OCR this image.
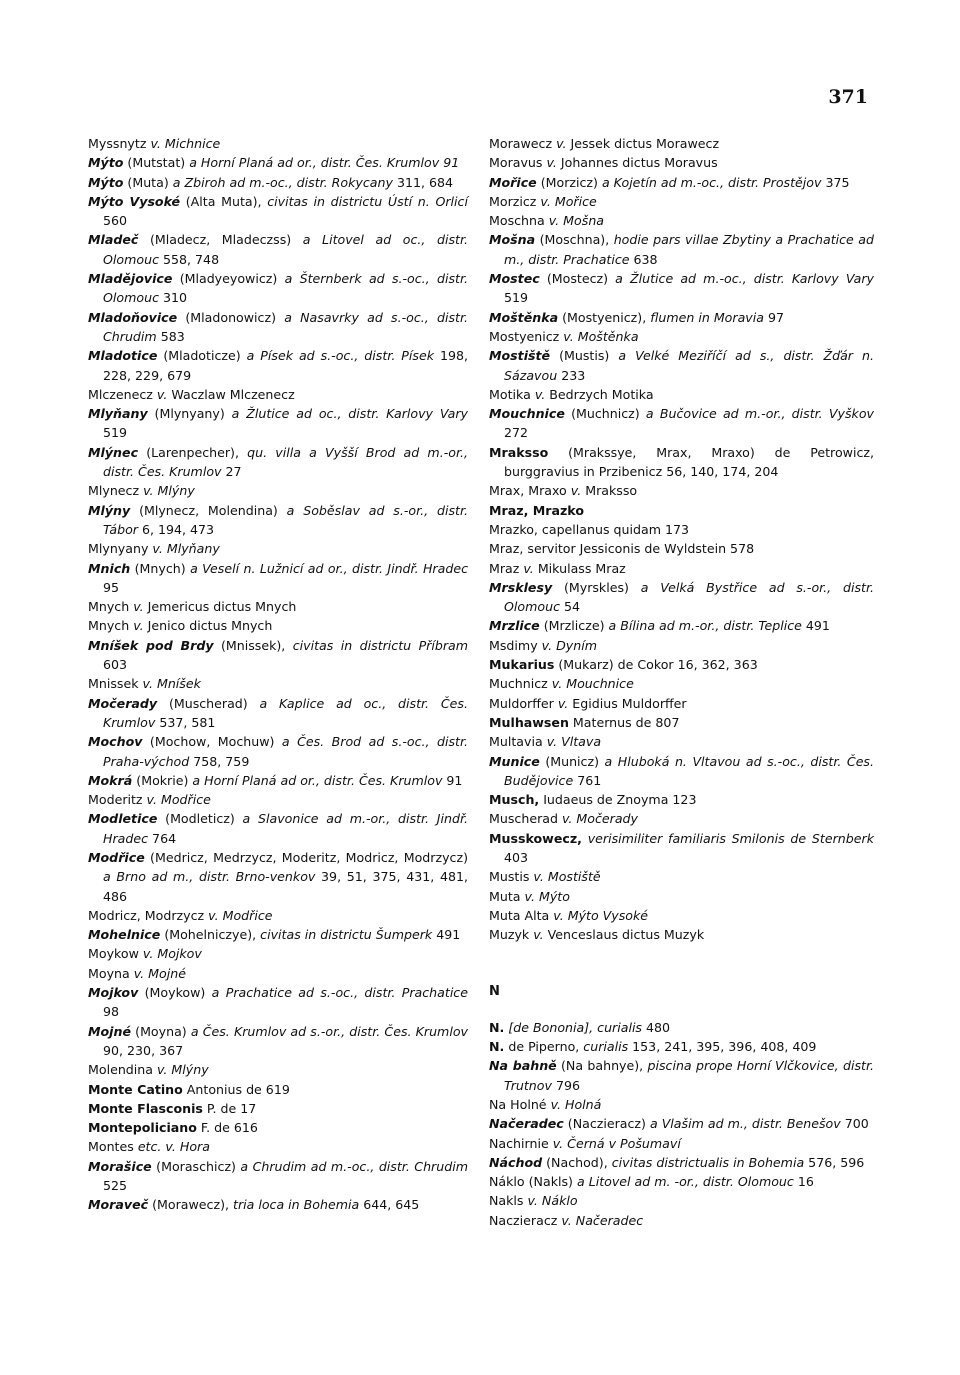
371
Myssnytz v. Michnice
Mýto (Mutstat) a Horní Planá ad or., distr. Čes. Krumlov 91
Mýto (Muta) a Zbiroh ad m.-oc., distr. Rokycany 311, 684
Mýto Vysoké (Alta Muta), civitas in districtu Ústí n. Orlicí 560
Mladeč (Mladecz, Mladeczss) a Litovel ad oc., distr. Olomouc 558, 748
Mladějovice (Mladyeyowicz) a Šternberk ad s.-oc., distr. Olomouc 310
Mladoňovice (Mladonowicz) a Nasavrky ad s.-oc., distr. Chrudim 583
Mladotice (Mladoticze) a Písek ad s.-oc., distr. Písek 198, 228, 229, 679
Mlczenecz v. Waczlaw Mlczenecz
Mlyňany (Mlynyany) a Žlutice ad oc., distr. Karlovy Vary 519
Mlýnec (Larenpecher), qu. villa a Vyšší Brod ad m.-or., distr. Čes. Krumlov 27
Mlynecz v. Mlýny
Mlýny (Mlynecz, Molendina) a Soběslav ad s.-or., distr. Tábor 6, 194, 473
Mlynyany v. Mlyňany
Mnich (Mnych) a Veselí n. Lužnicí ad or., distr. Jindř. Hradec 95
Mnych v. Jemericus dictus Mnych
Mnych v. Jenico dictus Mnych
Mníšek pod Brdy (Mnissek), civitas in districtu Příbram 603
Mnissek v. Mníšek
Močerady (Muscherad) a Kaplice ad oc., distr. Čes. Krumlov 537, 581
Mochov (Mochow, Mochuw) a Čes. Brod ad s.-oc., distr. Praha-východ 758, 759
Mokrá (Mokrie) a Horní Planá ad or., distr. Čes. Krumlov 91
Moderitz v. Modřice
Modletice (Modleticz) a Slavonice ad m.-or., distr. Jindř. Hradec 764
Modřice (Medricz, Medrzycz, Moderitz, Modricz, Modrzycz) a Brno ad m., distr. Brno-venkov 39, 51, 375, 431, 481, 486
Modricz, Modrzycz v. Modřice
Mohelnice (Mohelniczye), civitas in districtu Šumperk 491
Moykow v. Mojkov
Moyna v. Mojné
Mojkov (Moykow) a Prachatice ad s.-oc., distr. Prachatice 98
Mojné (Moyna) a Čes. Krumlov ad s.-or., distr. Čes. Krumlov 90, 230, 367
Molendina v. Mlýny
Monte Catino Antonius de 619
Monte Flasconis P. de 17
Montepoliciano F. de 616
Montes etc. v. Hora
Morašice (Moraschicz) a Chrudim ad m.-oc., distr. Chrudim 525
Moraveč (Morawecz), tria loca in Bohemia 644, 645
Morawecz v. Jessek dictus Morawecz
Moravus v. Johannes dictus Moravus
Mořice (Morzicz) a Kojetín ad m.-oc., distr. Prostějov 375
Morzicz v. Mořice
Moschna v. Mošna
Mošna (Moschna), hodie pars villae Zbytiny a Prachatice ad m., distr. Prachatice 638
Mostec (Mostecz) a Žlutice ad m.-oc., distr. Karlovy Vary 519
Moštěnka (Mostyenicz), flumen in Moravia 97
Mostyenicz v. Moštěnka
Mostiště (Mustis) a Velké Meziříčí ad s., distr. Žďár n. Sázavou 233
Motika v. Bedrzych Motika
Mouchnice (Muchnicz) a Bučovice ad m.-or., distr. Vyškov 272
Mraksso (Mrakssye, Mrax, Mraxo) de Petrowicz, burggravius in Przibenicz 56, 140, 174, 204
Mrax, Mraxo v. Mraksso
Mraz, Mrazko
Mrazko, capellanus quidam 173
Mraz, servitor Jessiconis de Wyldstein 578
Mraz v. Mikulass Mraz
Mrsklesy (Myrskles) a Velká Bystřice ad s.-or., distr. Olomouc 54
Mrzlice (Mrzlicze) a Bílina ad m.-or., distr. Teplice 491
Msdimy v. Dyním
Mukarius (Mukarz) de Cokor 16, 362, 363
Muchnicz v. Mouchnice
Muldorffer v. Egidius Muldorffer
Mulhawsen Maternus de 807
Multavia v. Vltava
Munice (Municz) a Hluboká n. Vltavou ad s.-oc., distr. Čes. Budějovice 761
Musch, Iudaeus de Znoyma 123
Muscherad v. Močerady
Musskowecz, verisimiliter familiaris Smilonis de Sternberk 403
Mustis v. Mostiště
Muta v. Mýto
Muta Alta v. Mýto Vysoké
Muzyk v. Venceslaus dictus Muzyk
N
N. [de Bononia], curialis 480
N. de Piperno, curialis 153, 241, 395, 396, 408, 409
Na bahně (Na bahnye), piscina prope Horní Vlčkovice, distr. Trutnov 796
Na Holné v. Holná
Načeradec (Naczieracz) a Vlašim ad m., distr. Benešov 700
Nachirnie v. Černá v Pošumaví
Náchod (Nachod), civitas districtualis in Bohemia 576, 596
Náklo (Nakls) a Litovel ad m. -or., distr. Olomouc 16
Nakls v. Náklo
Naczieracz v. Načeradec
